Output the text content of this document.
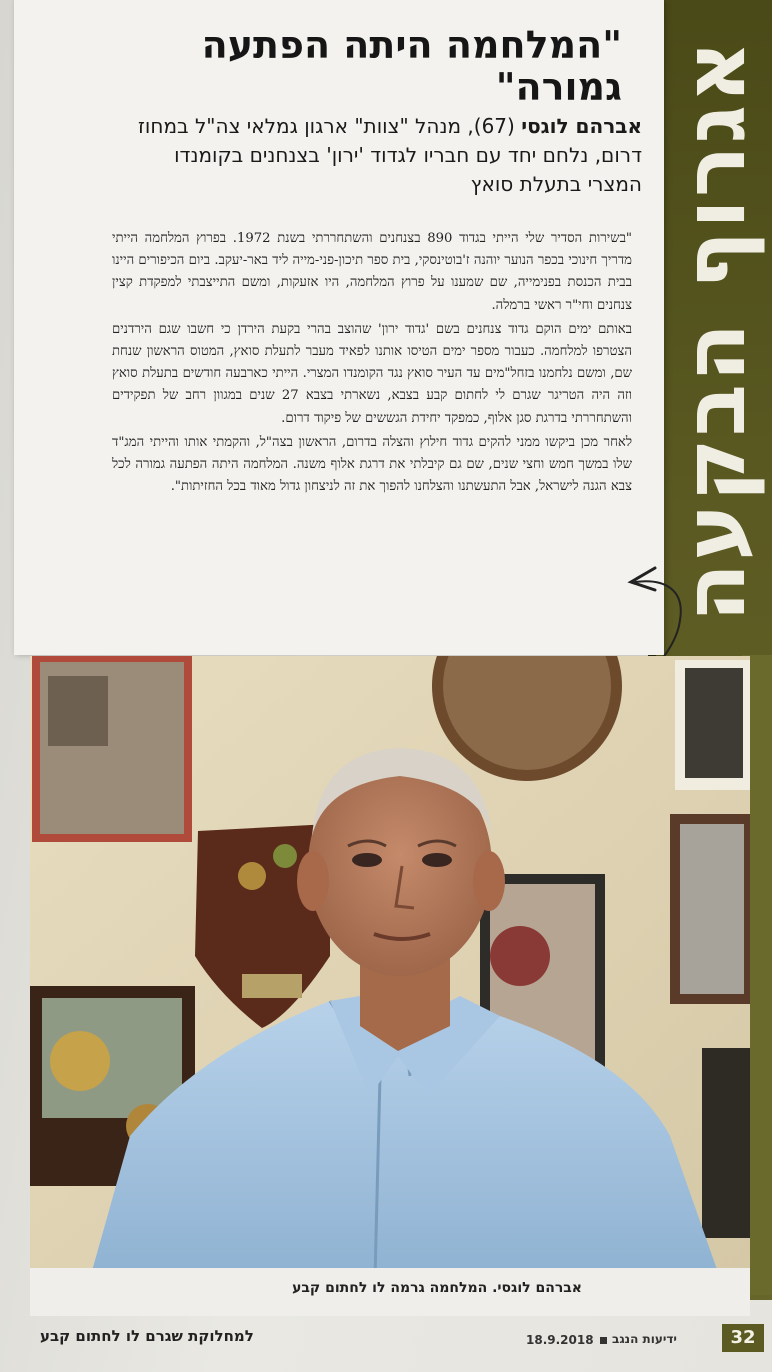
אגרוף הבקעה
"המלחמה היתה הפתעה גמורה"
אברהם לוגסי (67), מנהל "צוות" ארגון גמלאי צה"ל במחוז דרום, נלחם יחד עם חבריו לגדוד 'ירון' בצנחנים בקומנדו המצרי בתעלת סואץ

"בשירות הסדיר שלי הייתי בגדוד 890 בצנחנים והשתחררתי בשנת 1972. בפרוץ המלחמה הייתי מדריך חינוכי בכפר הנוער יוהנה ז'בוטינסקי, בית ספר תיכון-פני-מייה ליד באר-יעקב. ביום הכיפורים היינו בבית הכנסת בפנימייה, שם שמענו על פרוץ המלחמה, היו אזעקות, ומשם התייצבתי למפקדת קצין צנחנים וחי"ר ראשי ברמלה.

באותם ימים הוקם גדוד צנחנים בשם 'גדוד ירון' שהוצב בהרי בקעת הירדן כי חשבו שגם הירדנים הצטרפו למלחמה. כעבור מספר ימים הטיסו אותנו לפאיד מעבר לתעלת סואץ, המטוס הראשון שנחת שם, ומשם נלחמנו בזחל"מים עד העיר סואץ נגד הקומנדו המצרי. הייתי כארבעה חודשים בתעלת סואץ וזה היה הטריגר שגרם לי לחתום קבע בצבא, נשארתי בצבא 27 שנים במגוון רחב של תפקידים והשתחררתי בדרגת סגן אלוף, כמפקד יחידת הגששים של פיקוד דרום.

לאחר מכן ביקשו ממני להקים גדוד חילוץ והצלה בדרום, הראשון בצה"ל, והקמתי אותו והייתי המג"ד שלו במשך חמש וחצי שנים, שם גם קיבלתי את דרגת אלוף משנה. המלחמה היתה הפתעה גמורה לכל צבא הגנה לישראל, אבל התעשתנו והצלחנו להפוך את זה לניצחון גדול מאוד בכל החזיתות".

אברהם לוגסי. המלחמה גרמה לו לחתום קבע
למחלוקת שגרם לו לחתום קבע	18.9.2018 ידיעות הנגב	32
